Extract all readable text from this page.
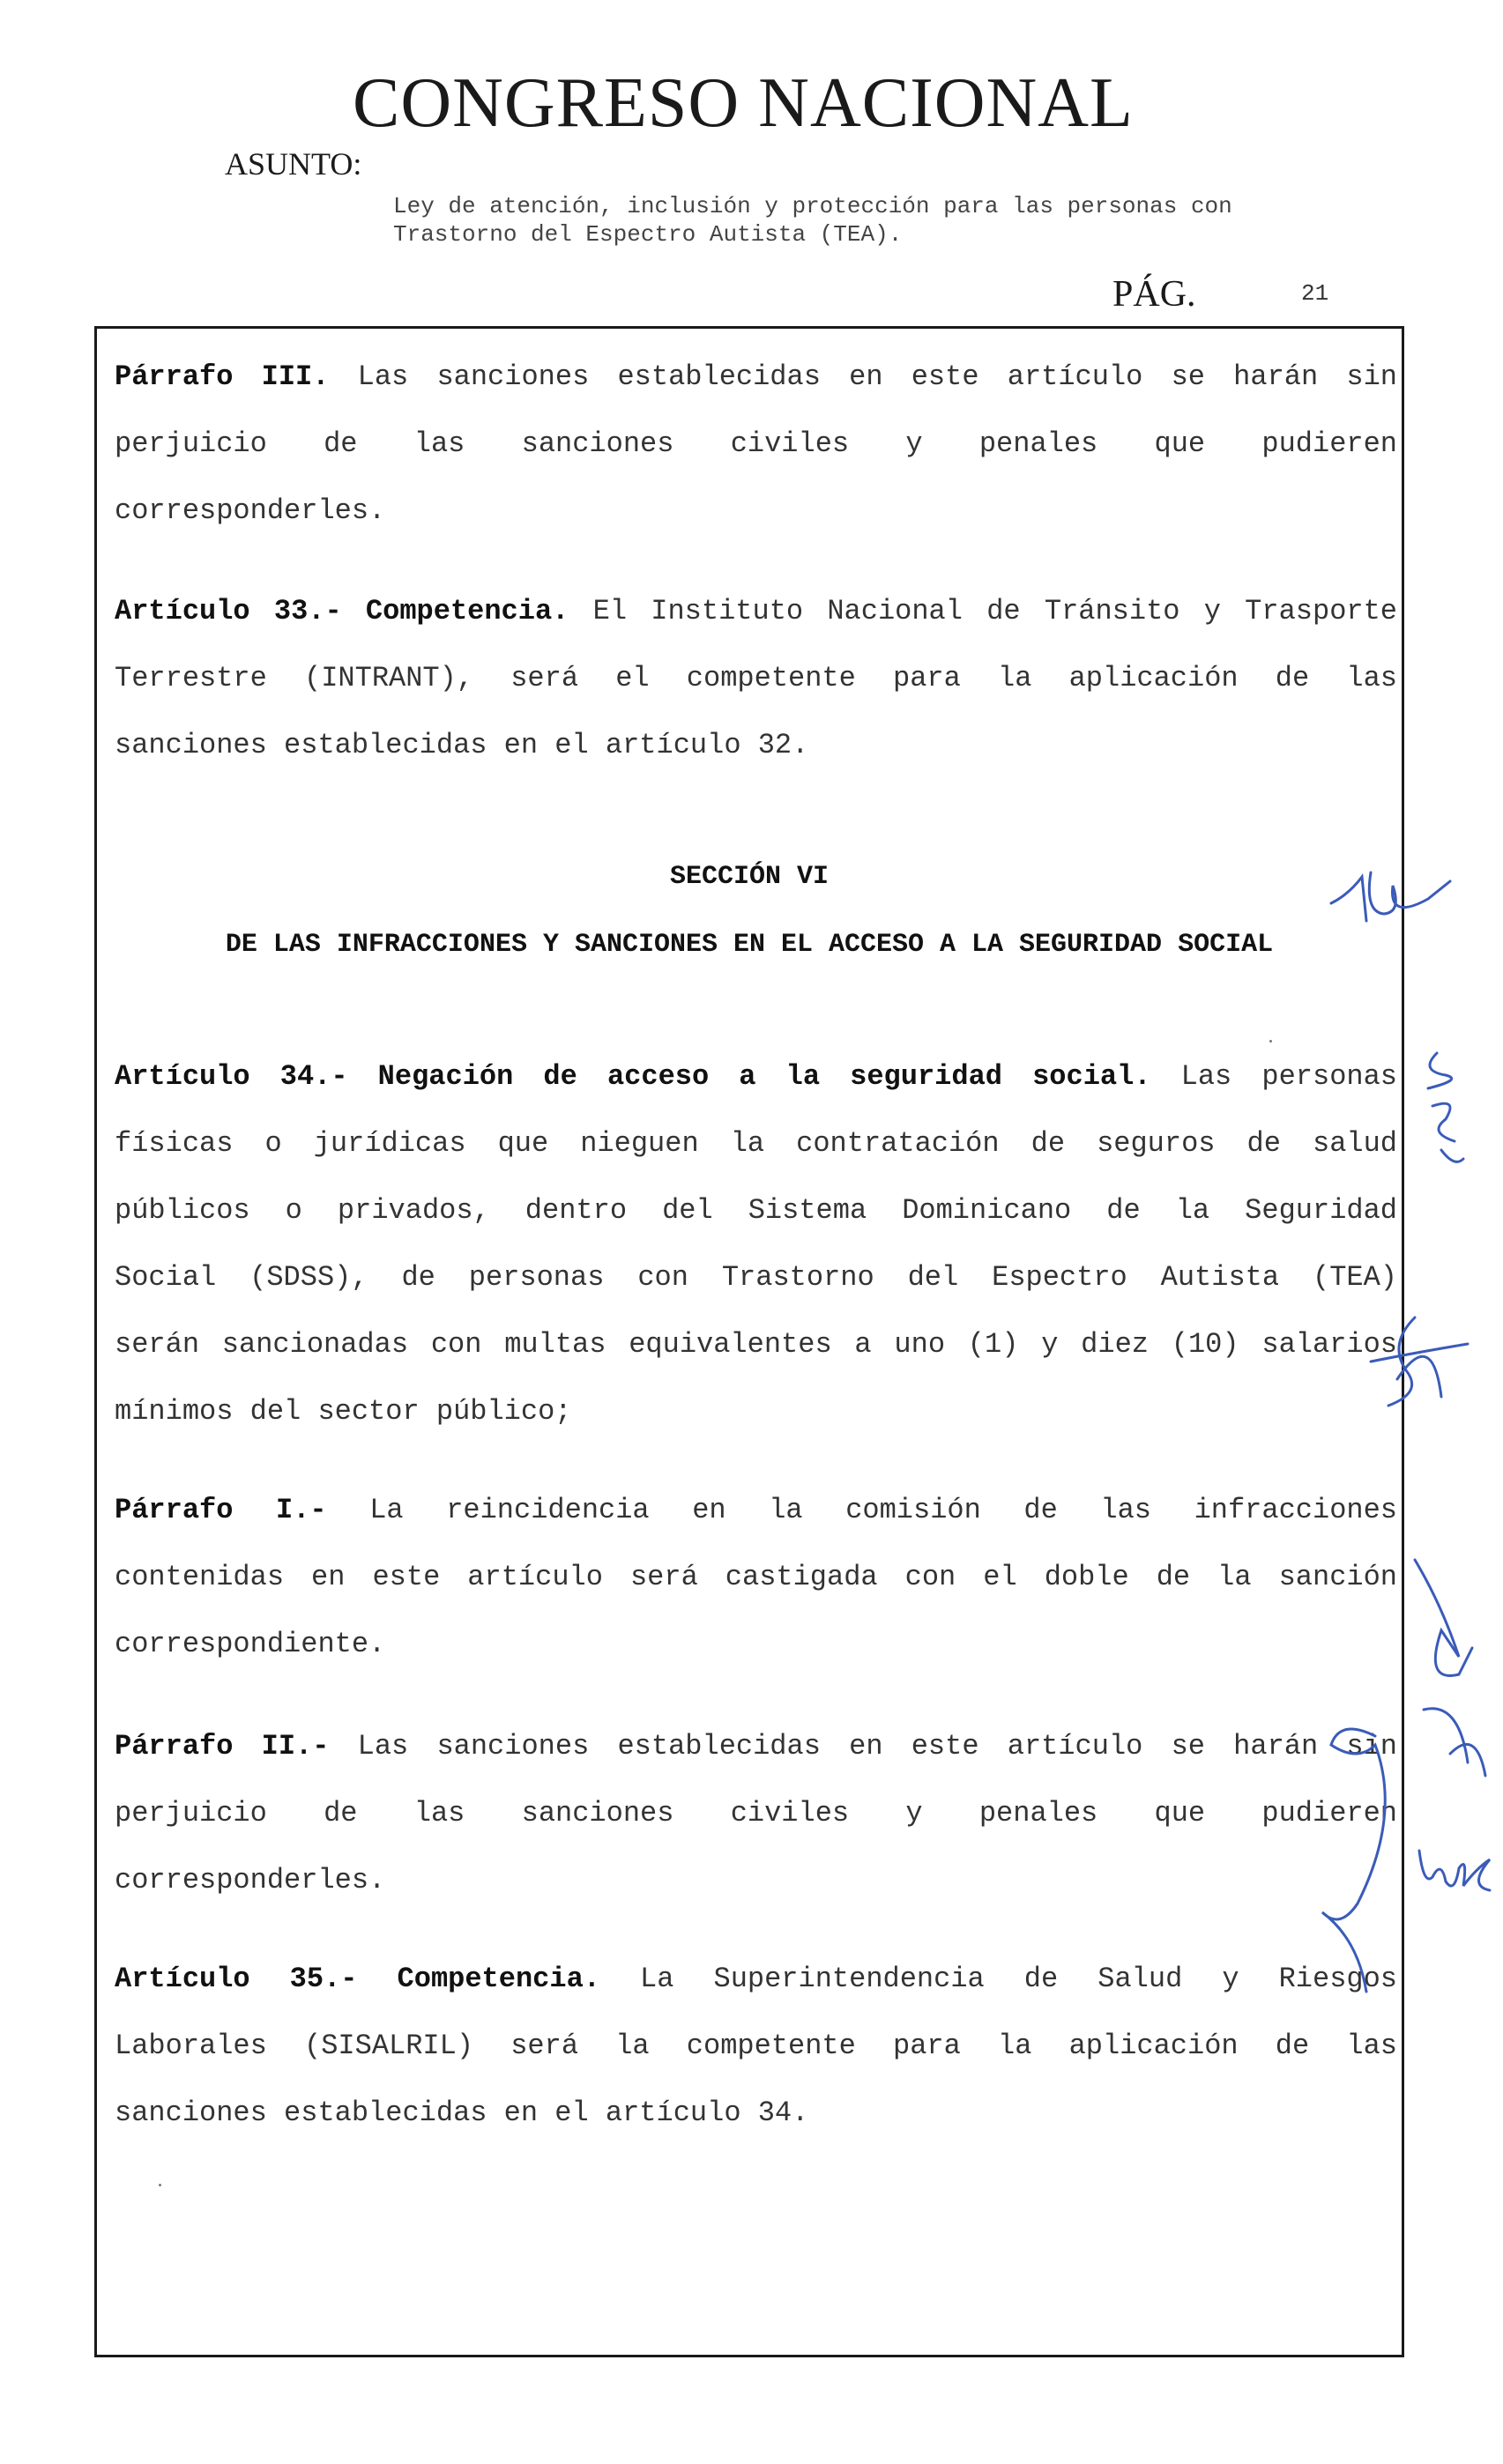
CONGRESO NACIONAL
ASUNTO:
Ley de atención, inclusión y protección para las personas con
Trastorno del Espectro Autista (TEA).
PÁG.	21
Párrafo III. Las sanciones establecidas en este artículo se harán sin
perjuicio de las sanciones civiles y penales que pudieren
corresponderles.
Artículo 33.- Competencia. El Instituto Nacional de Tránsito y Trasporte
Terrestre (INTRANT), será el competente para la aplicación de las
sanciones establecidas en el artículo 32.
SECCIÓN VI
DE LAS INFRACCIONES Y SANCIONES EN EL ACCESO A LA SEGURIDAD SOCIAL
Artículo 34.- Negación de acceso a la seguridad social. Las personas
físicas o jurídicas que nieguen la contratación de seguros de salud
públicos o privados, dentro del Sistema Dominicano de la Seguridad
Social (SDSS), de personas con Trastorno del Espectro Autista (TEA)
serán sancionadas con multas equivalentes a uno (1) y diez (10) salarios
mínimos del sector público;
Párrafo I.- La reincidencia en la comisión de las infracciones
contenidas en este artículo será castigada con el doble de la sanción
correspondiente.
Párrafo II.- Las sanciones establecidas en este artículo se harán sin
perjuicio de las sanciones civiles y penales que pudieren
corresponderles.
Artículo 35.- Competencia. La Superintendencia de Salud y Riesgos
Laborales (SISALRIL) será la competente para la aplicación de las
sanciones establecidas en el artículo 34.
